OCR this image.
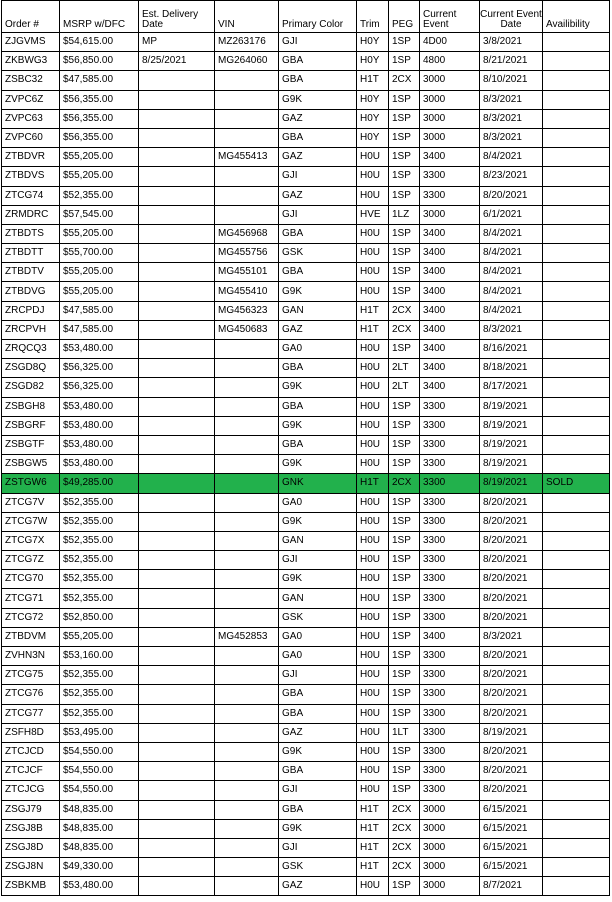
Order #	MSRP w/DFC	Est. Delivery Date	VIN	Primary Color	Trim	PEG	Current Event	Current Event Date	Availibility
ZJGVMS	$54,615.00	MP	MZ263176	GJI	H0Y	1SP	4D00	3/8/2021	
ZKBWG3	$56,850.00	8/25/2021	MG264060	GBA	H0Y	1SP	4800	8/21/2021	
ZSBC32	$47,585.00			GBA	H1T	2CX	3000	8/10/2021	
ZVPC6Z	$56,355.00			G9K	H0Y	1SP	3000	8/3/2021	
ZVPC63	$56,355.00			GAZ	H0Y	1SP	3000	8/3/2021	
ZVPC60	$56,355.00			GBA	H0Y	1SP	3000	8/3/2021	
ZTBDVR	$55,205.00		MG455413	GAZ	H0U	1SP	3400	8/4/2021	
ZTBDVS	$55,205.00			GJI	H0U	1SP	3300	8/23/2021	
ZTCG74	$52,355.00			GAZ	H0U	1SP	3300	8/20/2021	
ZRMDRC	$57,545.00			GJI	HVE	1LZ	3000	6/1/2021	
ZTBDTS	$55,205.00		MG456968	GBA	H0U	1SP	3400	8/4/2021	
ZTBDTT	$55,700.00		MG455756	GSK	H0U	1SP	3400	8/4/2021	
ZTBDTV	$55,205.00		MG455101	GBA	H0U	1SP	3400	8/4/2021	
ZTBDVG	$55,205.00		MG455410	G9K	H0U	1SP	3400	8/4/2021	
ZRCPDJ	$47,585.00		MG456323	GAN	H1T	2CX	3400	8/4/2021	
ZRCPVH	$47,585.00		MG450683	GAZ	H1T	2CX	3400	8/3/2021	
ZRQCQ3	$53,480.00			GA0	H0U	1SP	3400	8/16/2021	
ZSGD8Q	$56,325.00			GBA	H0U	2LT	3400	8/18/2021	
ZSGD82	$56,325.00			G9K	H0U	2LT	3400	8/17/2021	
ZSBGH8	$53,480.00			GBA	H0U	1SP	3300	8/19/2021	
ZSBGRF	$53,480.00			G9K	H0U	1SP	3300	8/19/2021	
ZSBGTF	$53,480.00			GBA	H0U	1SP	3300	8/19/2021	
ZSBGW5	$53,480.00			G9K	H0U	1SP	3300	8/19/2021	
ZSTGW6	$49,285.00			GNK	H1T	2CX	3300	8/19/2021	SOLD
ZTCG7V	$52,355.00			GA0	H0U	1SP	3300	8/20/2021	
ZTCG7W	$52,355.00			G9K	H0U	1SP	3300	8/20/2021	
ZTCG7X	$52,355.00			GAN	H0U	1SP	3300	8/20/2021	
ZTCG7Z	$52,355.00			GJI	H0U	1SP	3300	8/20/2021	
ZTCG70	$52,355.00			G9K	H0U	1SP	3300	8/20/2021	
ZTCG71	$52,355.00			GAN	H0U	1SP	3300	8/20/2021	
ZTCG72	$52,850.00			GSK	H0U	1SP	3300	8/20/2021	
ZTBDVM	$55,205.00		MG452853	GA0	H0U	1SP	3400	8/3/2021	
ZVHN3N	$53,160.00			GA0	H0U	1SP	3300	8/20/2021	
ZTCG75	$52,355.00			GJI	H0U	1SP	3300	8/20/2021	
ZTCG76	$52,355.00			GBA	H0U	1SP	3300	8/20/2021	
ZTCG77	$52,355.00			GBA	H0U	1SP	3300	8/20/2021	
ZSFH8D	$53,495.00			GAZ	H0U	1LT	3300	8/19/2021	
ZTCJCD	$54,550.00			G9K	H0U	1SP	3300	8/20/2021	
ZTCJCF	$54,550.00			GBA	H0U	1SP	3300	8/20/2021	
ZTCJCG	$54,550.00			GJI	H0U	1SP	3300	8/20/2021	
ZSGJ79	$48,835.00			GBA	H1T	2CX	3000	6/15/2021	
ZSGJ8B	$48,835.00			G9K	H1T	2CX	3000	6/15/2021	
ZSGJ8D	$48,835.00			GJI	H1T	2CX	3000	6/15/2021	
ZSGJ8N	$49,330.00			GSK	H1T	2CX	3000	6/15/2021	
ZSBKMB	$53,480.00			GAZ	H0U	1SP	3000	8/7/2021	
